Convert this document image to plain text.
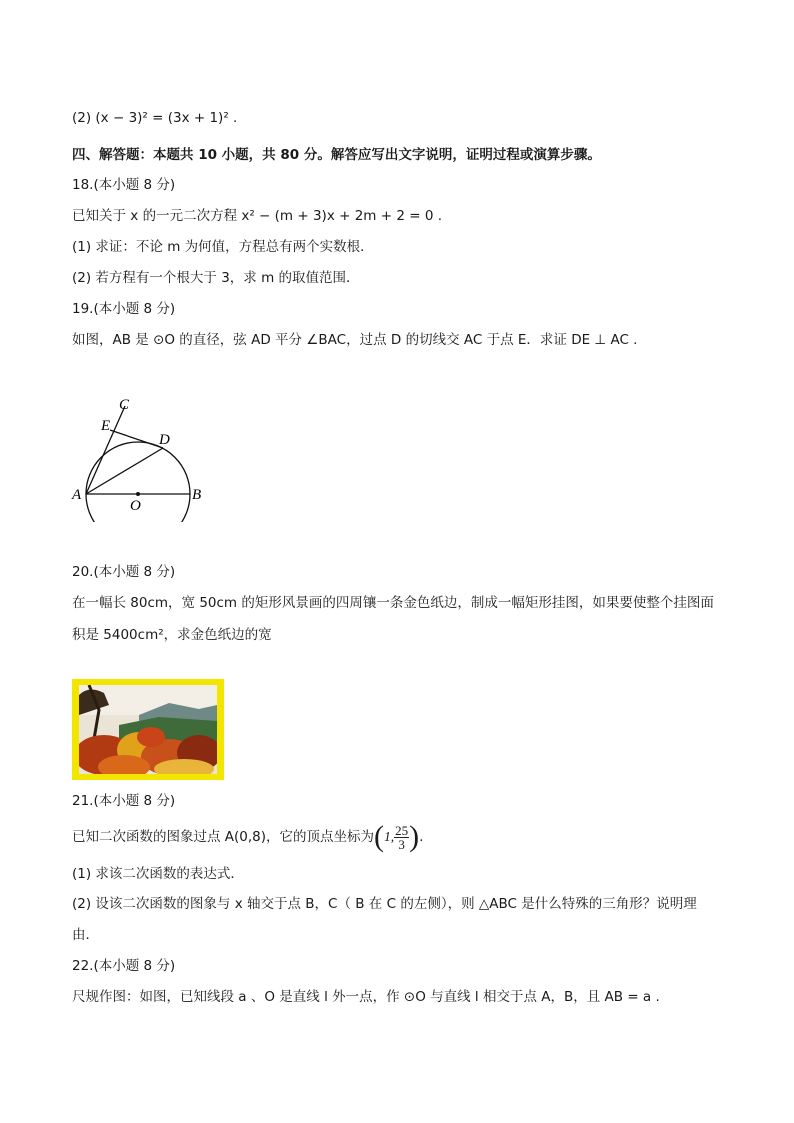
(2) (x − 3)² = (3x + 1)² .
四、解答题：本题共 10 小题，共 80 分。解答应写出文字说明，证明过程或演算步骤。
18.(本小题 8 分)
已知关于 x 的一元二次方程 x² − (m + 3)x + 2m + 2 = 0 .
(1) 求证：不论 m 为何值，方程总有两个实数根．
(2) 若方程有一个根大于 3，求 m 的取值范围．
19.(本小题 8 分)
如图，AB 是 ⊙O 的直径，弦 AD 平分 ∠BAC，过点 D 的切线交 AC 于点 E．求证 DE ⊥ AC .
C
E
D
A
O
B
20.(本小题 8 分)
在一幅长 80cm，宽 50cm 的矩形风景画的四周镶一条金色纸边，制成一幅矩形挂图，如果要使整个挂图面
积是 5400cm²，求金色纸边的宽
21.(本小题 8 分)
已知二次函数的图象过点 A(0,8)，它的顶点坐标为(1, $\frac{25}{3}$ ).
(1) 求该二次函数的表达式．
(2) 设该二次函数的图象与 x 轴交于点 B，C（ B 在 C 的左侧），则 △ABC 是什么特殊的三角形？说明理
由．
22.(本小题 8 分)
尺规作图：如图，已知线段 a 、O 是直线 l 外一点，作 ⊙O 与直线 l 相交于点 A，B，且 AB = a .
